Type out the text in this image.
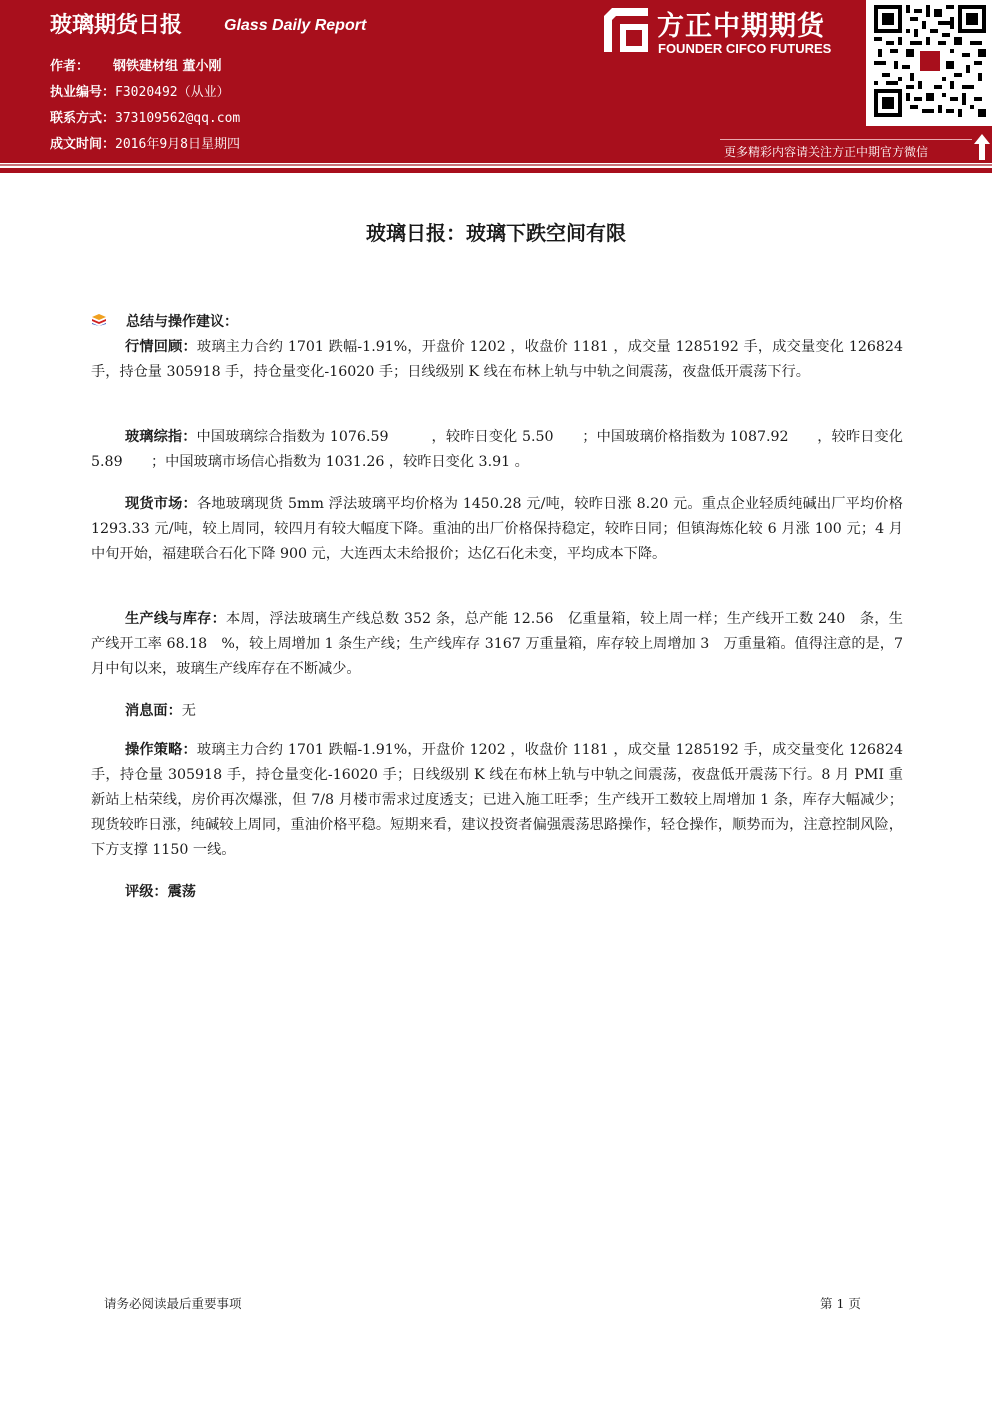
玻璃期货日报	Glass Daily Report
作者： 钢铁建材组 董小刚
执业编号：F3020492（从业）
联系方式：373109562@qq.com
成文时间：2016年9月8日星期四
方正中期期货
FOUNDER CIFCO FUTURES
更多精彩内容请关注方正中期官方微信
玻璃日报：玻璃下跌空间有限
总结与操作建议：
行情回顾：玻璃主力合约 1701 跌幅-1.91%，开盘价 1202 ，收盘价 1181 ，成交量 1285192 手，成交量变化 126824 手，持仓量 305918 手，持仓量变化-16020 手；日线级别 K 线在布林上轨与中轨之间震荡，夜盘低开震荡下行。
玻璃综指：中国玻璃综合指数为 1076.59　　　，较昨日变化 5.50　　；中国玻璃价格指数为 1087.92　　，较昨日变化 5.89　　；中国玻璃市场信心指数为 1031.26 ，较昨日变化 3.91 。
现货市场：各地玻璃现货 5mm 浮法玻璃平均价格为 1450.28 元/吨，较昨日涨 8.20 元。重点企业轻质纯碱出厂平均价格 1293.33 元/吨，较上周同，较四月有较大幅度下降。重油的出厂价格保持稳定，较昨日同；但镇海炼化较 6 月涨 100 元；4 月中旬开始，福建联合石化下降 900 元，大连西太未给报价；达亿石化未变，平均成本下降。
生产线与库存：本周，浮法玻璃生产线总数 352 条，总产能 12.56　亿重量箱，较上周一样；生产线开工数 240　条，生产线开工率 68.18　%，较上周增加 1 条生产线；生产线库存 3167 万重量箱，库存较上周增加 3　万重量箱。值得注意的是，7 月中旬以来，玻璃生产线库存在不断减少。
消息面：无
操作策略：玻璃主力合约 1701 跌幅-1.91%，开盘价 1202 ，收盘价 1181 ，成交量 1285192 手，成交量变化 126824 手，持仓量 305918 手，持仓量变化-16020 手；日线级别 K 线在布林上轨与中轨之间震荡，夜盘低开震荡下行。8 月 PMI 重新站上枯荣线，房价再次爆涨，但 7/8 月楼市需求过度透支；已进入施工旺季；生产线开工数较上周增加 1 条，库存大幅减少；现货较昨日涨，纯碱较上周同，重油价格平稳。短期来看，建议投资者偏强震荡思路操作，轻仓操作，顺势而为，注意控制风险，下方支撑 1150 一线。
评级：震荡
请务必阅读最后重要事项	第 1 页
